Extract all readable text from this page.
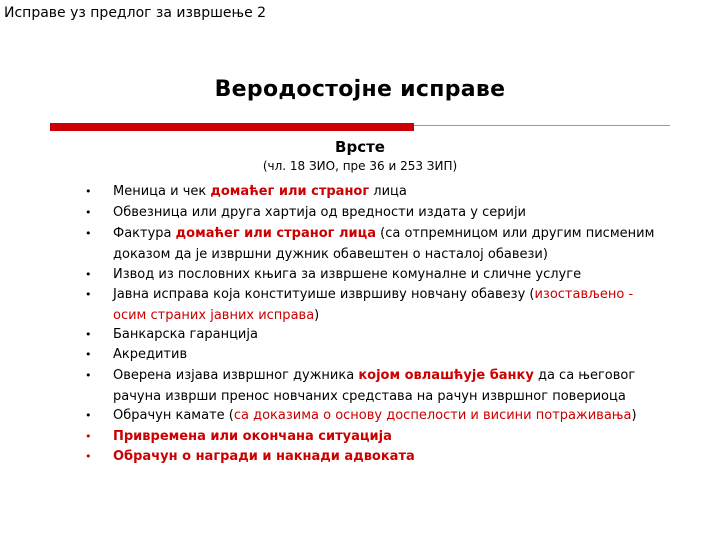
Исправе уз предлог за извршење 2
Веродостојне исправе
Врсте
(чл. 18 ЗИО, пре 36 и 253 ЗИП)
• Меница и чек домаћег или страног лица
• Обвезница или друга хартија од вредности издата у серији
• Фактура домаћег или страног лица (са отпремницом или другим писменим
доказом да је извршни дужник обавештен о насталој обавези)
• Извод из пословних књига за извршене комуналне и сличне услуге
• Јавна исправа која конституише извршиву новчану обавезу (изостављено -
осим страних јавних исправа)
• Банкарска гаранција
• Акредитив
• Оверена изјава извршног дужника којом овлашћује банку да са његовог
рачуна изврши пренос новчаних средстава на рачун извршног повериоца
• Обрачун камате (са доказима о основу доспелости и висини потраживања)
• Привремена или окончана ситуација
• Обрачун о награди и накнади адвоката
